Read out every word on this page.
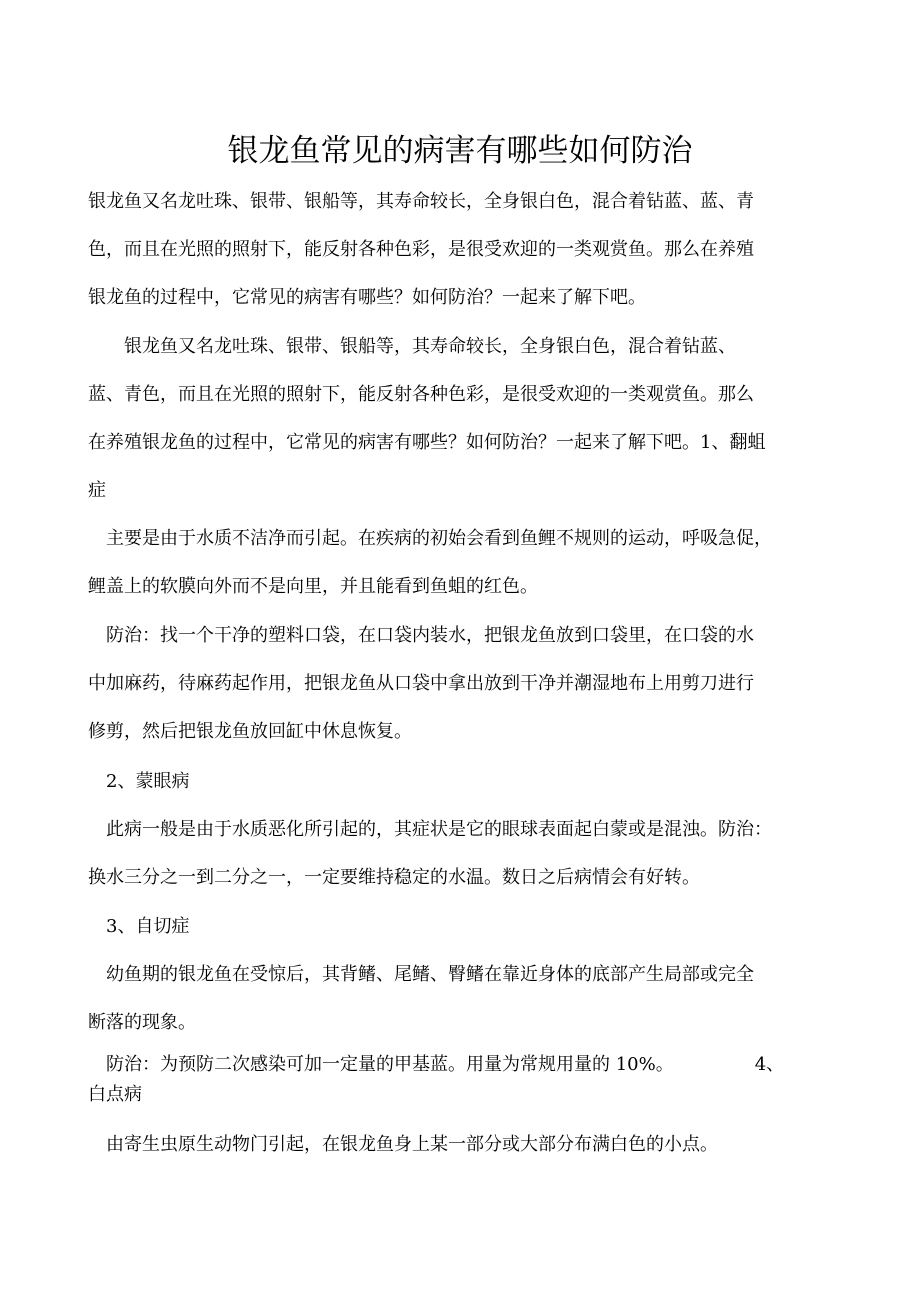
银龙鱼常见的病害有哪些如何防治
银龙鱼又名龙吐珠、银带、银船等，其寿命较长，全身银白色，混合着钻蓝、蓝、青
色，而且在光照的照射下，能反射各种色彩，是很受欢迎的一类观赏鱼。那么在养殖
银龙鱼的过程中，它常见的病害有哪些？如何防治？一起来了解下吧。
　　银龙鱼又名龙吐珠、银带、银船等，其寿命较长，全身银白色，混合着钻蓝、
蓝、青色，而且在光照的照射下，能反射各种色彩，是很受欢迎的一类观赏鱼。那么
在养殖银龙鱼的过程中，它常见的病害有哪些？如何防治？一起来了解下吧。1、翻蛆
症
　主要是由于水质不洁净而引起。在疾病的初始会看到鱼鲤不规则的运动，呼吸急促，
鲤盖上的软膜向外而不是向里，并且能看到鱼蛆的红色。
　防治：找一个干净的塑料口袋，在口袋内装水，把银龙鱼放到口袋里，在口袋的水
中加麻药，待麻药起作用，把银龙鱼从口袋中拿出放到干净并潮湿地布上用剪刀进行
修剪，然后把银龙鱼放回缸中休息恢复。
　2、蒙眼病
　此病一般是由于水质恶化所引起的，其症状是它的眼球表面起白蒙或是混浊。防治：
换水三分之一到二分之一，一定要维持稳定的水温。数日之后病情会有好转。
　3、自切症
　幼鱼期的银龙鱼在受惊后，其背鳍、尾鳍、臀鳍在靠近身体的底部产生局部或完全
断落的现象。
　防治：为预防二次感染可加一定量的甲基蓝。用量为常规用量的 10%。　　　　　4、
白点病
　由寄生虫原生动物门引起，在银龙鱼身上某一部分或大部分布满白色的小点。
